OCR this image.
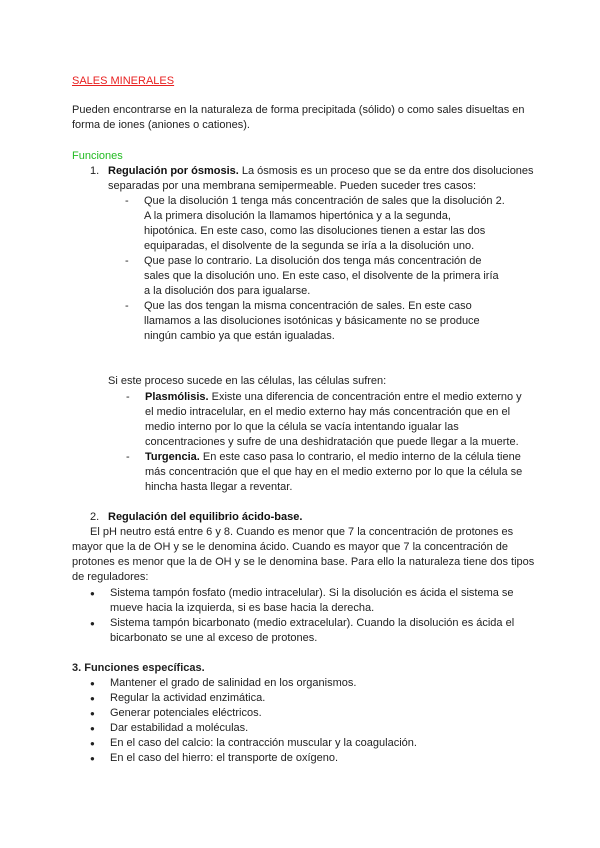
SALES MINERALES
Pueden encontrarse en la naturaleza de forma precipitada (sólido) o como sales disueltas en forma de iones (aniones o cationes).
Funciones
1. Regulación por ósmosis. La ósmosis es un proceso que se da entre dos disoluciones separadas por una membrana semipermeable. Pueden suceder tres casos:
- Que la disolución 1 tenga más concentración de sales que la disolución 2. A la primera disolución la llamamos hipertónica y a la segunda, hipotónica. En este caso, como las disoluciones tienen a estar las dos equiparadas, el disolvente de la segunda se iría a la disolución uno.
- Que pase lo contrario. La disolución dos tenga más concentración de sales que la disolución uno. En este caso, el disolvente de la primera iría a la disolución dos para igualarse.
- Que las dos tengan la misma concentración de sales. En este caso llamamos a las disoluciones isotónicas y básicamente no se produce ningún cambio ya que están igualadas.
Si este proceso sucede en las células, las células sufren:
- Plasmólisis. Existe una diferencia de concentración entre el medio externo y el medio intracelular, en el medio externo hay más concentración que en el medio interno por lo que la célula se vacía intentando igualar las concentraciones y sufre de una deshidratación que puede llegar a la muerte.
- Turgencia. En este caso pasa lo contrario, el medio interno de la célula tiene más concentración que el que hay en el medio externo por lo que la célula se hincha hasta llegar a reventar.
2. Regulación del equilibrio ácido-base.
El pH neutro está entre 6 y 8. Cuando es menor que 7 la concentración de protones es mayor que la de OH y se le denomina ácido. Cuando es mayor que 7 la concentración de protones es menor que la de OH y se le denomina base. Para ello la naturaleza tiene dos tipos de reguladores:
● Sistema tampón fosfato (medio intracelular). Si la disolución es ácida el sistema se mueve hacia la izquierda, si es base hacia la derecha.
● Sistema tampón bicarbonato (medio extracelular). Cuando la disolución es ácida el bicarbonato se une al exceso de protones.
3. Funciones específicas.
● Mantener el grado de salinidad en los organismos.
● Regular la actividad enzimática.
● Generar potenciales eléctricos.
● Dar estabilidad a moléculas.
● En el caso del calcio: la contracción muscular y la coagulación.
● En el caso del hierro: el transporte de oxígeno.
